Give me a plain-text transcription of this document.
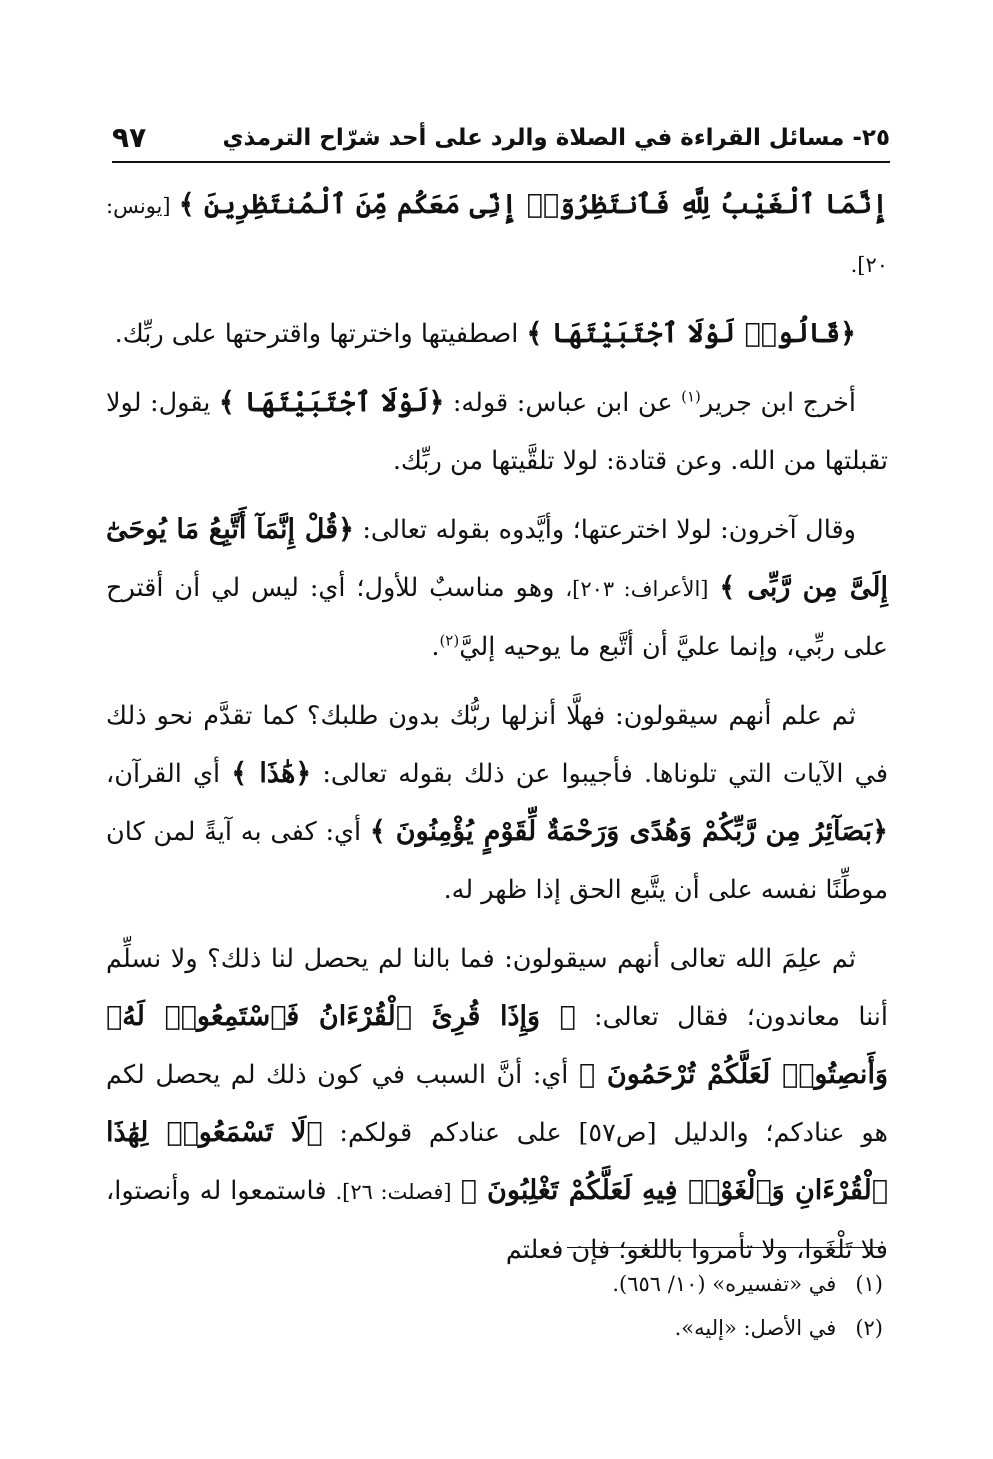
٢٥- مسائل القراءة في الصلاة والرد على أحد شرّاح الترمذي
٩٧

إِنَّمَا ٱلْغَيْبُ لِلَّهِ فَٱنتَظِرُوٓا۟ إِنِّى مَعَكُم مِّنَ ٱلْمُنتَظِرِينَ ﴾ [يونس: ٢٠].

﴿قَالُوا۟ لَوْلَا ٱجْتَبَيْتَهَا ﴾ اصطفيتها واخترتها واقترحتها على ربِّك.

أخرج ابن جرير$^{(١)}$ عن ابن عباس: قوله: ﴿لَوْلَا ٱجْتَبَيْتَهَا ﴾ يقول: لولا تقبلتها من الله. وعن قتادة: لولا تلقَّيتها من ربِّك.

وقال آخرون: لولا اخترعتها؛ وأيَّدوه بقوله تعالى: ﴿قُلْ إِنَّمَآ أَتَّبِعُ مَا يُوحَىٰٓ إِلَىَّ مِن رَّبِّى ﴾ [الأعراف: ٢٠٣]، وهو مناسبٌ للأول؛ أي: ليس لي أن أقترح على ربِّي، وإنما عليَّ أن أتَّبع ما يوحيه إليَّ$^{(٢)}$.

ثم علم أنهم سيقولون: فهلَّا أنزلها ربُّك بدون طلبك؟ كما تقدَّم نحو ذلك في الآيات التي تلوناها. فأجيبوا عن ذلك بقوله تعالى: ﴿هَٰذَا ﴾ أي القرآن، ﴿بَصَآئِرُ مِن رَّبِّكُمْ وَهُدًى وَرَحْمَةٌ لِّقَوْمٍ يُؤْمِنُونَ ﴾ أي: كفى به آيةً لمن كان موطِّنًا نفسه على أن يتَّبع الحق إذا ظهر له.

ثم علِمَ الله تعالى أنهم سيقولون: فما بالنا لم يحصل لنا ذلك؟ ولا نسلِّم أننا معاندون؛ فقال تعالى: ﴿ وَإِذَا قُرِئَ ٱلْقُرْءَانُ فَٱسْتَمِعُوا۟ لَهُۥ وَأَنصِتُوا۟ لَعَلَّكُمْ تُرْحَمُونَ ﴾ أي: أنَّ السبب في كون ذلك لم يحصل لكم هو عنادكم؛ والدليل [ص٥٧] على عنادكم قولكم: ﴿لَا تَسْمَعُوا۟ لِهَٰذَا ٱلْقُرْءَانِ وَٱلْغَوْا۟ فِيهِ لَعَلَّكُمْ تَغْلِبُونَ ﴾ [فصلت: ٢٦]. فاستمعوا له وأنصتوا، فلا تَلْغَوا، ولا تأمروا باللغو؛ فإن فعلتم

(١) في «تفسيره» (١٠/ ٦٥٦).
(٢) في الأصل: «إليه».
